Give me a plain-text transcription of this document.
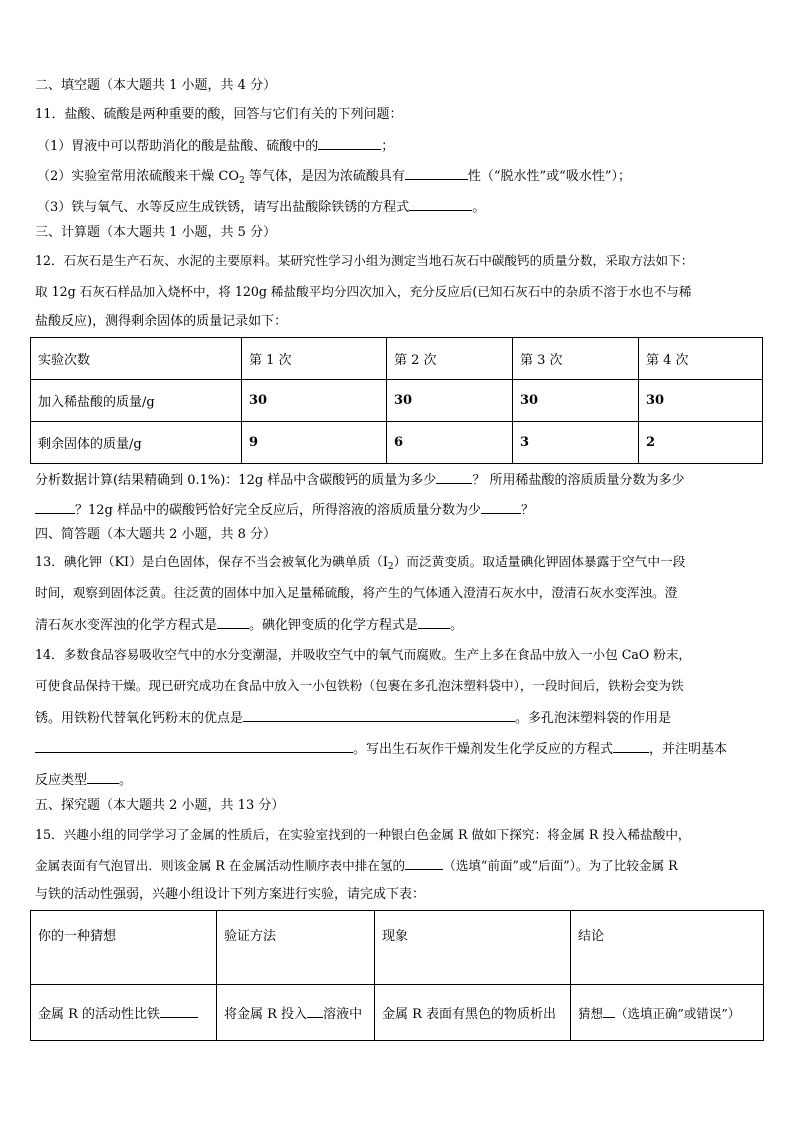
二、填空题（本大题共 1 小题，共 4 分）
11．盐酸、硫酸是两种重要的酸，回答与它们有关的下列问题：
（1）胃液中可以帮助消化的酸是盐酸、硫酸中的	；
（2）实验室常用浓硫酸来干燥 $CO_2$ 等气体，是因为浓硫酸具有	性（“脱水性”或“吸水性”）；
（3）铁与氧气、水等反应生成铁锈，请写出盐酸除铁锈的方程式	。
三、计算题（本大题共 1 小题，共 5 分）
12．石灰石是生产石灰、水泥的主要原料。某研究性学习小组为测定当地石灰石中碳酸钙的质量分数，采取方法如下：
取 12g 石灰石样品加入烧杯中，将 120g 稀盐酸平均分四次加入，充分反应后(已知石灰石中的杂质不溶于水也不与稀
盐酸反应)，测得剩余固体的质量记录如下：
实验次数	第 1 次	第 2 次	第 3 次	第 4 次
加入稀盐酸的质量/g	30	30	30	30
剩余固体的质量/g	9	6	3	2
分析数据计算(结果精确到 0.1%)：12g 样品中含碳酸钙的质量为多少	？ 所用稀盐酸的溶质质量分数为多少
？12g 样品中的碳酸钙恰好完全反应后，所得溶液的溶质质量分数为少	？
四、简答题（本大题共 2 小题，共 8 分）
13．碘化钾（KI）是白色固体，保存不当会被氧化为碘单质$(I_2)$而泛黄变质。取适量碘化钾固体暴露于空气中一段
时间，观察到固体泛黄。往泛黄的固体中加入足量稀硫酸，将产生的气体通入澄清石灰水中，澄清石灰水变浑浊。澄
清石灰水变浑浊的化学方程式是 。碘化钾变质的化学方程式是 。
14．多数食品容易吸收空气中的水分变潮湿，并吸收空气中的氧气而腐败。生产上多在食品中放入一小包 CaO 粉末，
可使食品保持干燥。现已研究成功在食品中放入一小包铁粉（包裹在多孔泡沫塑料袋中），一段时间后，铁粉会变为铁
锈。用铁粉代替氧化钙粉末的优点是	。多孔泡沫塑料袋的作用是
。写出生石灰作干燥剂发生化学反应的方程式	，并注明基本
反应类型 。
五、探究题（本大题共 2 小题，共 13 分）
15．兴趣小组的同学学习了金属的性质后，在实验室找到的一种银白色金属 R 做如下探究：将金属 R 投入稀盐酸中，
金属表面有气泡冒出．则该金属 R 在金属活动性顺序表中排在氢的	（选填“前面”或“后面”）。为了比较金属 R
与铁的活动性强弱，兴趣小组设计下列方案进行实验，请完成下表：
你的一种猜想	验证方法	现象	结论
金属 R 的活动性比铁	将金属 R 投入 溶液中	金属 R 表面有黑色的物质析出	猜想 （选填正确”或错误”）
